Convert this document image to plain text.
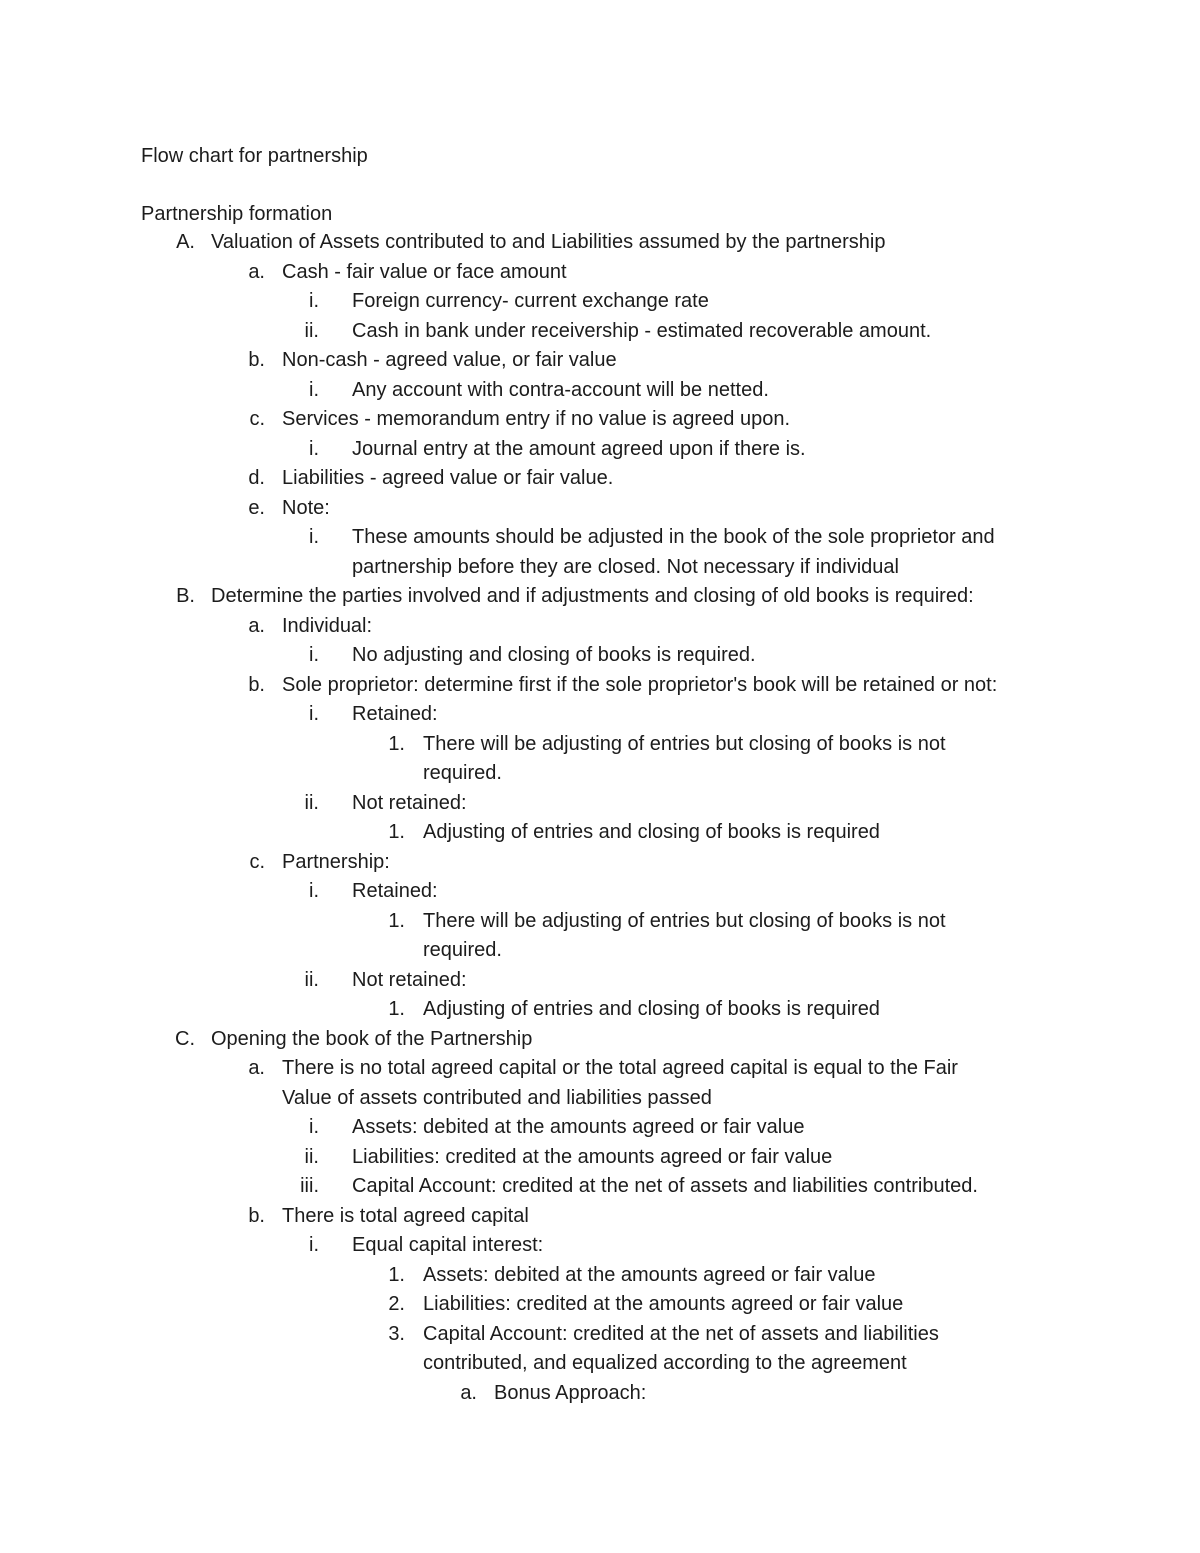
Flow chart for partnership
Partnership formation
A. Valuation of Assets contributed to and Liabilities assumed by the partnership
a. Cash - fair value or face amount
i. Foreign currency- current exchange rate
ii. Cash in bank under receivership - estimated recoverable amount.
b. Non-cash - agreed value, or fair value
i. Any account with contra-account will be netted.
c. Services - memorandum entry if no value is agreed upon.
i. Journal entry at the amount agreed upon if there is.
d. Liabilities - agreed value or fair value.
e. Note:
i. These amounts should be adjusted in the book of the sole proprietor and
partnership before they are closed. Not necessary if individual
B. Determine the parties involved and if adjustments and closing of old books is required:
a. Individual:
i. No adjusting and closing of books is required.
b. Sole proprietor: determine first if the sole proprietor's book will be retained or not:
i. Retained:
1. There will be adjusting of entries but closing of books is not
required.
ii. Not retained:
1. Adjusting of entries and closing of books is required
c. Partnership:
i. Retained:
1. There will be adjusting of entries but closing of books is not
required.
ii. Not retained:
1. Adjusting of entries and closing of books is required
C. Opening the book of the Partnership
a. There is no total agreed capital or the total agreed capital is equal to the Fair
Value of assets contributed and liabilities passed
i. Assets: debited at the amounts agreed or fair value
ii. Liabilities: credited at the amounts agreed or fair value
iii. Capital Account: credited at the net of assets and liabilities contributed.
b. There is total agreed capital
i. Equal capital interest:
1. Assets: debited at the amounts agreed or fair value
2. Liabilities: credited at the amounts agreed or fair value
3. Capital Account: credited at the net of assets and liabilities
contributed, and equalized according to the agreement
a. Bonus Approach:
